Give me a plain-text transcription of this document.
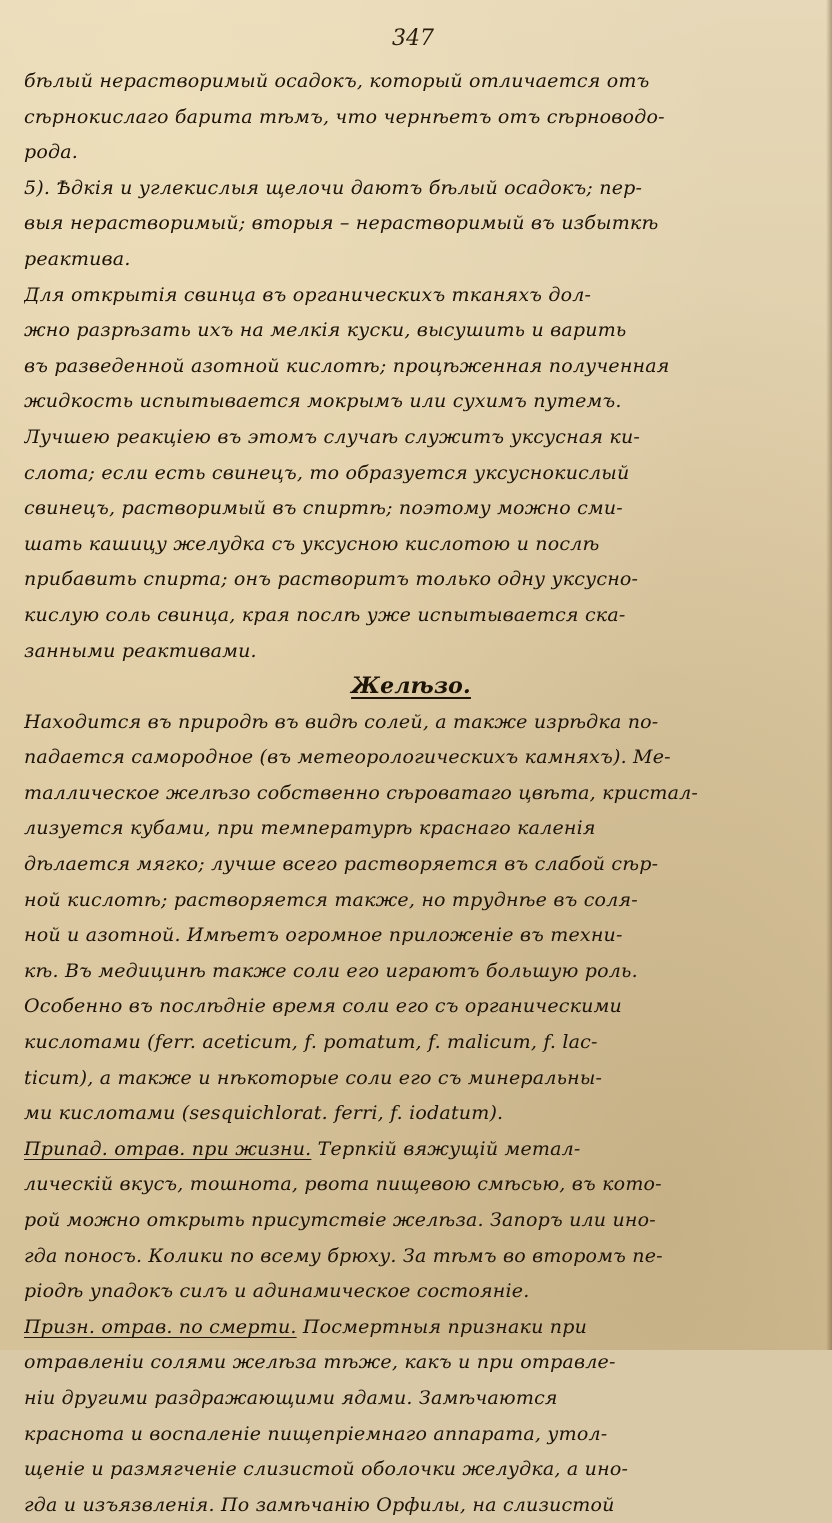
347
бѣлый нерастворимый осадокъ, который отличается отъ
сѣрнокислаго барита тѣмъ, что чернѣетъ отъ сѣрноводо-
рода.
5). Ѣдкія и углекислыя щелочи даютъ бѣлый осадокъ; пер-
выя нерастворимый; вторыя – нерастворимый въ избыткѣ
реактива.
Для открытія свинца въ органическихъ тканяхъ дол-
жно разрѣзать ихъ на мелкія куски, высушить и варить
въ разведенной азотной кислотѣ; процѣженная полученная
жидкость испытывается мокрымъ или сухимъ путемъ.
Лучшею реакціею въ этомъ случаѣ служитъ уксусная ки-
слота; если есть свинецъ, то образуется уксуснокислый
свинецъ, растворимый въ спиртѣ; поэтому можно сми-
шать кашицу желудка съ уксусною кислотою и послѣ
прибавить спирта; онъ растворитъ только одну уксусно-
кислую соль свинца, края послѣ уже испытывается ска-
занными реактивами.
Желѣзо.
Находится въ природѣ въ видѣ солей, а также изрѣдка по-
падается самородное (въ метеорологическихъ камняхъ). Ме-
таллическое желѣзо собственно сѣроватаго цвѣта, кристал-
лизуется кубами, при температурѣ краснаго каленія
дѣлается мягко; лучше всего растворяется въ слабой сѣр-
ной кислотѣ; растворяется также, но труднѣе въ соля-
ной и азотной. Имѣетъ огромное приложеніе въ техни-
кѣ. Въ медицинѣ также соли его играютъ большую роль.
Особенно въ послѣдніе время соли его съ органическими
кислотами (ferr. aceticum, f. pomatum, f. malicum, f. lac-
ticum), а также и нѣкоторые соли его съ минеральны-
ми кислотами (sesquichlorat. ferri, f. iodatum).
Припад. отрав. при жизни. Терпкій вяжущій метал-
лическій вкусъ, тошнота, рвота пищевою смѣсью, въ кото-
рой можно открыть присутствіе желѣза. Запоръ или ино-
гда поносъ. Колики по всему брюху. За тѣмъ во второмъ пе-
ріодѣ упадокъ силъ и адинамическое состояніе.
Призн. отрав. по смерти. Посмертныя признаки при
отравленіи солями желѣза тѣже, какъ и при отравле-
ніи другими раздражающими ядами. Замѣчаются
краснота и воспаленіе пищепріемнаго аппарата, утол-
щеніе и размягченіе слизистой оболочки желудка, а ино-
гда и изъязвленія. По замѣчанію Орфилы, на слизистой
